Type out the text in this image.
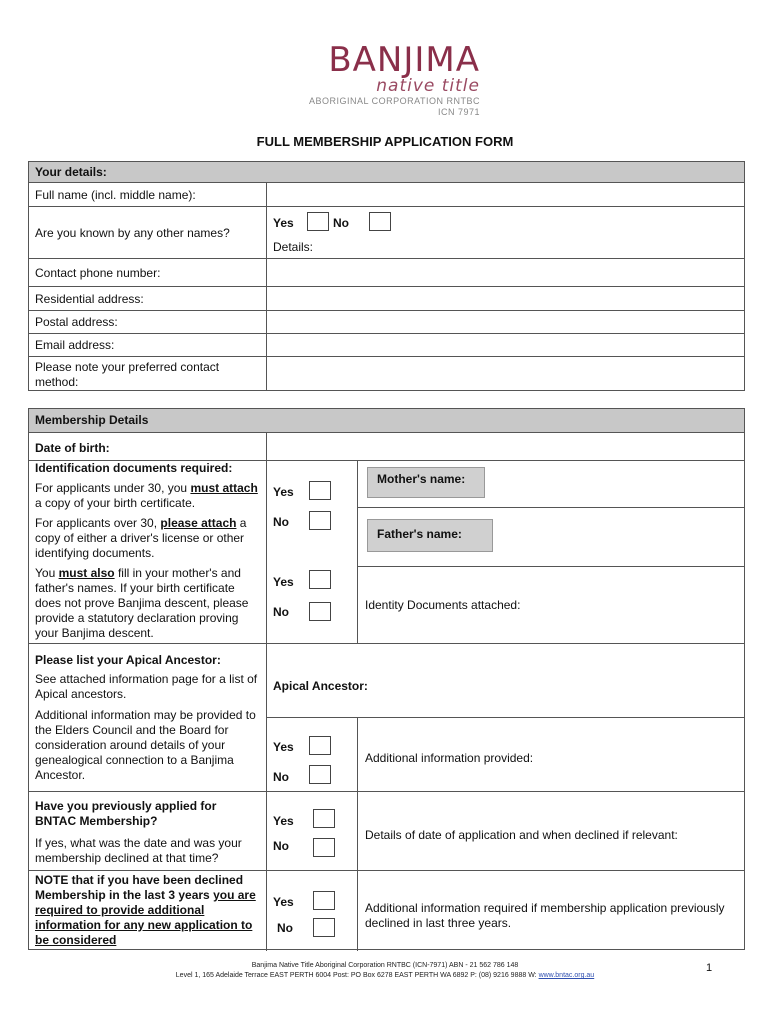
BANJIMA
native title
ABORIGINAL CORPORATION RNTBC
ICN 7971
FULL MEMBERSHIP APPLICATION FORM
Your details:
Full name (incl. middle name):
Are you known by any other names?
Yes	No
Details:
Contact phone number:
Residential address:
Postal address:
Email address:
Please note your preferred contact method:
Membership Details
Date of birth:
Identification documents required:
For applicants under 30, you must attach a copy of your birth certificate.
For applicants over 30, please attach a copy of either a driver's license or other identifying documents.
You must also fill in your mother's and father's names. If your birth certificate does not prove Banjima descent, please provide a statutory declaration proving your Banjima descent.
Yes
No
Yes
No
Mother's name:
Father's name:
Identity Documents attached:
Please list your Apical Ancestor:
See attached information page for a list of Apical ancestors.
Additional information may be provided to the Elders Council and the Board for consideration around details of your genealogical connection to a Banjima Ancestor.
Apical Ancestor:
Yes
No
Additional information provided:
Have you previously applied for BNTAC Membership?
If yes, what was the date and was your membership declined at that time?
Yes
No
Details of date of application and when declined if relevant:
NOTE that if you have been declined Membership in the last 3 years you are required to provide additional information for any new application to be considered
Yes
No
Additional information required if membership application previously declined in last three years.
Banjima Native Title Aboriginal Corporation RNTBC (ICN-7971) ABN - 21 562 786 148
Level 1, 165 Adelaide Terrace EAST PERTH 6004 Post: PO Box 6278 EAST PERTH WA 6892 P: (08) 9216 9888 W: www.bntac.org.au
1
